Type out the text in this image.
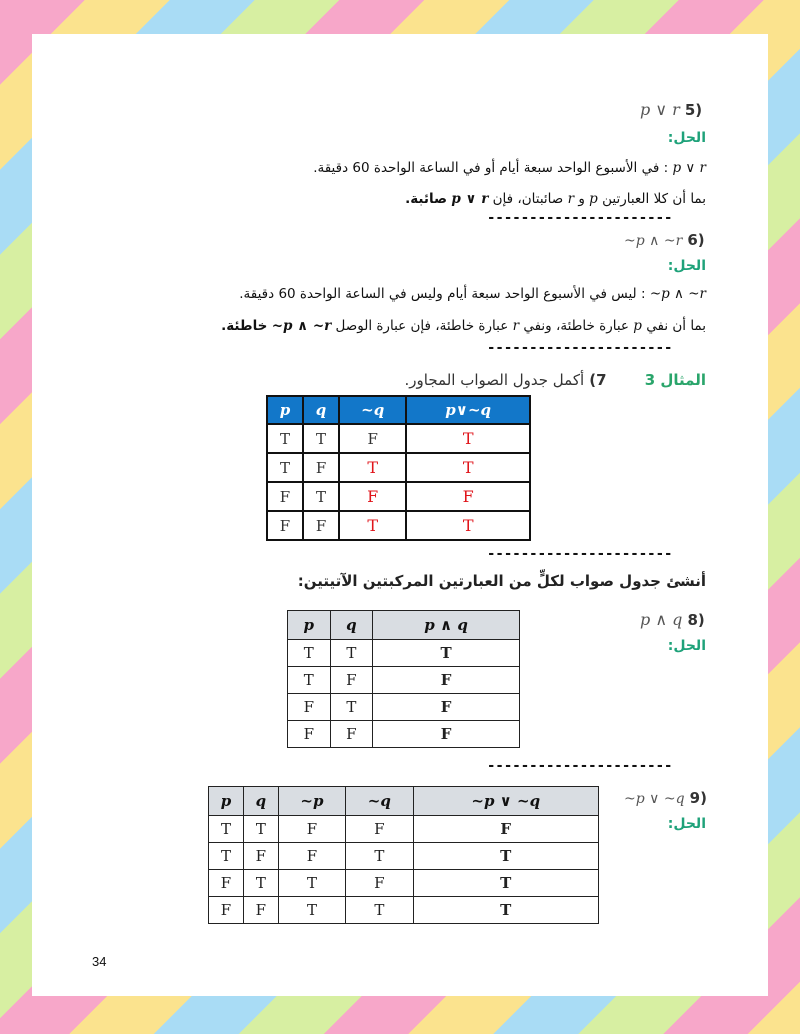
p ∨ r 5)
الحل:
p ∨ r : في الأسبوع الواحد سبعة أيام أو في الساعة الواحدة 60 دقيقة.
بما أن كلا العبارتين p و r صائبتان، فإن p ∨ r صائبة.
----------------------
~p ∧ ~r 6)
الحل:
~p ∧ ~r : ليس في الأسبوع الواحد سبعة أيام وليس في الساعة الواحدة 60 دقيقة.
بما أن نفي p عبارة خاطئة، ونفي r عبارة خاطئة، فإن عبارة الوصل ~p ∧ ~r خاطئة.
----------------------
المثال 3  7) أكمل جدول الصواب المجاور.
p	q	~q	p∨~q
T	T	F	T
T	F	T	T
F	T	F	F
F	F	T	T
----------------------
أنشئ جدول صواب لكلٍّ من العبارتين المركبتين الآتيتين:
p ∧ q 8)
الحل:
p	q	p ∧ q
T	T	T
T	F	F
F	T	F
F	F	F
----------------------
~p ∨ ~q 9)
الحل:
p	q	~p	~q	~p ∨ ~q
T	T	F	F	F
T	F	F	T	T
F	T	T	F	T
F	F	T	T	T
34
